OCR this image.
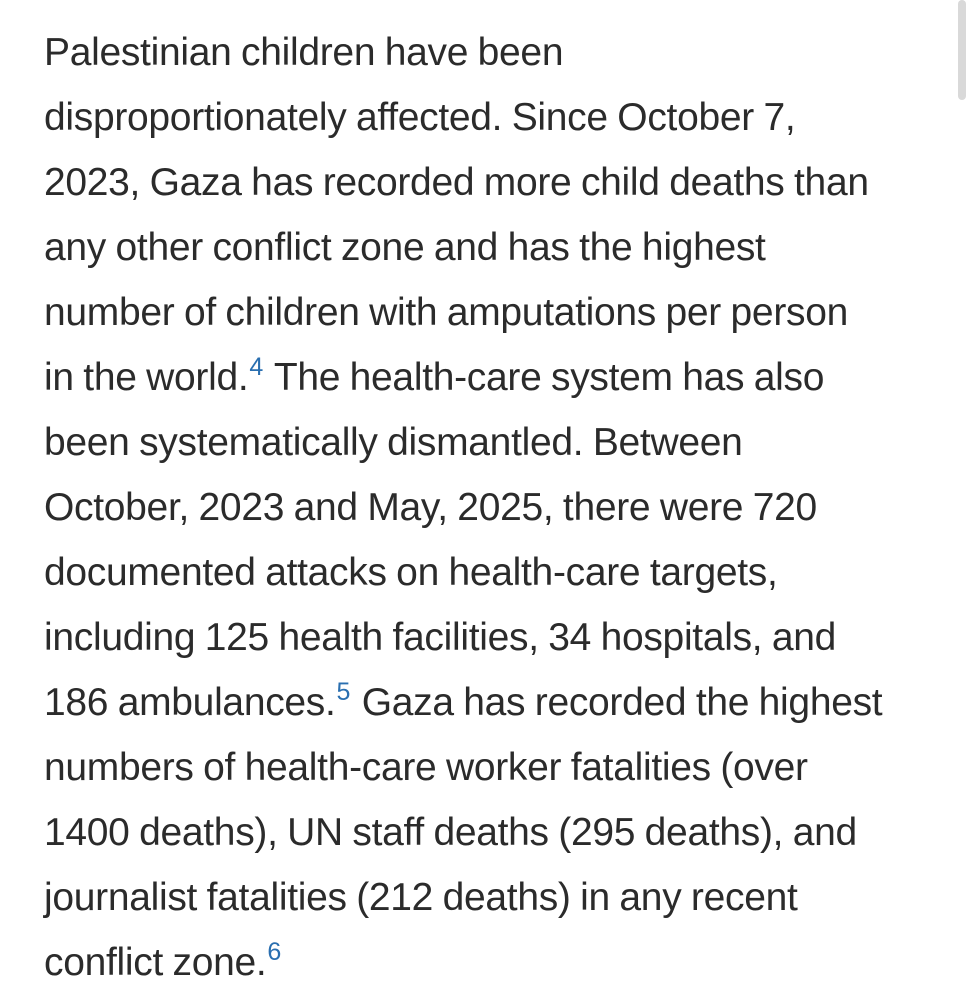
Palestinian children have been
disproportionately affected. Since October 7,
2023, Gaza has recorded more child deaths than
any other conflict zone and has the highest
number of children with amputations per person
in the world.$^4$ The health-care system has also
been systematically dismantled. Between
October, 2023 and May, 2025, there were 720
documented attacks on health-care targets,
including 125 health facilities, 34 hospitals, and
186 ambulances.$^5$ Gaza has recorded the highest
numbers of health-care worker fatalities (over
1400 deaths), UN staff deaths (295 deaths), and
journalist fatalities (212 deaths) in any recent
conflict zone.$^6$
